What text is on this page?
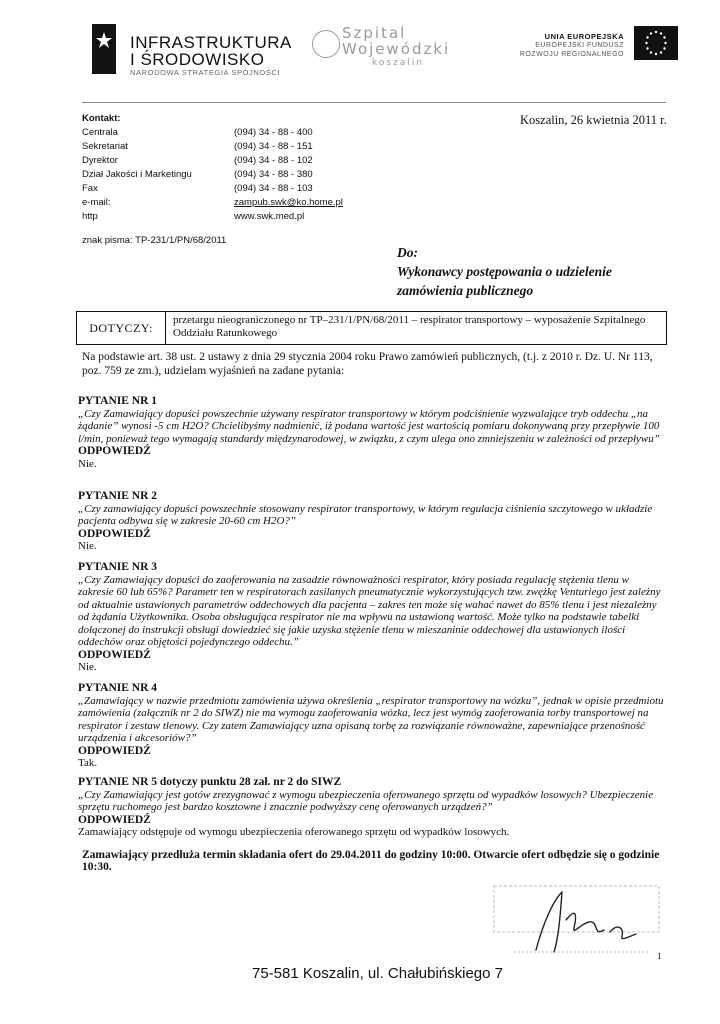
INFRASTRUKTURA
I ŚRODOWISKO
NARODOWA STRATEGIA SPÓJNOŚCI
Szpital
Wojewódzki
koszalin
UNIA EUROPEJSKA
EUROPEJSKI FUNDUSZ
ROZWOJU REGIONALNEGO
Kontakt:
Centrala	(094) 34 - 88 - 400
Sekretariat	(094) 34 - 88 - 151
Dyrektor	(094) 34 - 88 - 102
Dział Jakości i Marketingu	(094) 34 - 88 - 380
Fax	(094) 34 - 88 - 103
e-mail:	zampub.swk@ko.home.pl
http	www.swk.med.pl
znak pisma: TP-231/1/PN/68/2011
Koszalin, 26 kwietnia 2011 r.
Do:
Wykonawcy postępowania o udzielenie
zamówienia publicznego
DOTYCZY:
przetargu nieograniczonego nr TP–231/1/PN/68/2011 – respirator transportowy – wyposażenie Szpitalnego Oddziału Ratunkowego
Na podstawie art. 38 ust. 2 ustawy z dnia 29 stycznia 2004 roku Prawo zamówień publicznych, (t.j. z 2010 r. Dz. U. Nr 113, poz. 759 ze zm.), udzielam wyjaśnień na zadane pytania:
PYTANIE NR 1
„Czy Zamawiający dopuści powszechnie używany respirator transportowy w którym podciśnienie wyzwalające tryb oddechu „na żądanie” wynosi -5 cm H2O? Chcielibyśmy nadmienić, iż podana wartość jest wartością pomiaru dokonywaną przy przepływie 100 l/min, ponieważ tego wymagają standardy międzynarodowej, w związku, z czym ulega ono zmniejszeniu w zależności od przepływu”
ODPOWIEDŹ
Nie.
PYTANIE NR 2
„Czy zamawiający dopuści powszechnie stosowany respirator transportowy, w którym regulacja ciśnienia szczytowego w układzie pacjenta odbywa się w zakresie 20-60 cm H2O?”
ODPOWIEDŹ
Nie.
PYTANIE NR 3
„Czy Zamawiający dopuści do zaoferowania na zasadzie równoważności respirator, który posiada regulację stężenia tlenu w zakresie 60 lub 65%? Parametr ten w respiratorach zasilanych pneumatycznie wykorzystujących tzw. zwężkę Venturiego jest zależny od aktualnie ustawionych parametrów oddechowych dla pacjenta – zakres ten może się wahać nawet do 85% tlenu i jest niezależny od żądania Użytkownika. Osoba obsługująca respirator nie ma wpływu na ustawioną wartość. Może tylko na podstawie tabelki dołączonej do instrukcji obsługi dowiedzieć się jakie uzyska stężenie tlenu w mieszaninie oddechowej dla ustawionych ilości oddechów oraz objętości pojedynczego oddechu.”
ODPOWIEDŹ
Nie.
PYTANIE NR 4
„Zamawiający w nazwie przedmiotu zamówienia używa określenia „respirator transportowy na wózku”, jednak w opisie przedmiotu zamówienia (załącznik nr 2 do SIWZ) nie ma wymogu zaoferowania wózka, lecz jest wymóg zaoferowania torby transportowej na respirator i zestaw tlenowy. Czy zatem Zamawiający uzna opisaną torbę za rozwiązanie równoważne, zapewniające przenośność urządzenia i akcesoriów?”
ODPOWIEDŹ
Tak.
PYTANIE NR 5 dotyczy punktu 28 zał. nr 2 do SIWZ
„Czy Zamawiający jest gotów zrezygnować z wymogu ubezpieczenia oferowanego sprzętu od wypadków losowych? Ubezpieczenie sprzętu ruchomego jest bardzo kosztowne i znacznie podwyższy cenę oferowanych urządzeń?”
ODPOWIEDŹ
Zamawiający odstępuje od wymogu ubezpieczenia oferowanego sprzętu od wypadków losowych.
Zamawiający przedłuża termin składania ofert do 29.04.2011 do godziny 10:00. Otwarcie ofert odbędzie się o godzinie 10:30.
1
75-581 Koszalin, ul. Chałubińskiego 7
